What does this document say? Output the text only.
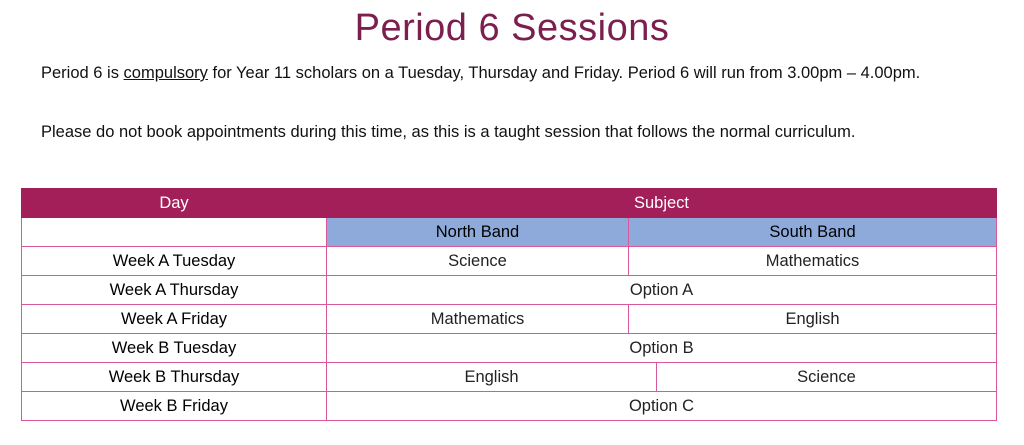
Period 6 Sessions
Period 6 is compulsory for Year 11 scholars on a Tuesday, Thursday and Friday. Period 6 will run from 3.00pm – 4.00pm.
Please do not book appointments during this time, as this is a taught session that follows the normal curriculum.
Day	Subject		
	North Band	South Band	
Week A Tuesday	Science	Mathematics	
Week A Thursday	Option A		
Week A Friday	Mathematics	English	
Week B Tuesday	Option B		
Week B Thursday	English		Science
Week B Friday	Option C		
